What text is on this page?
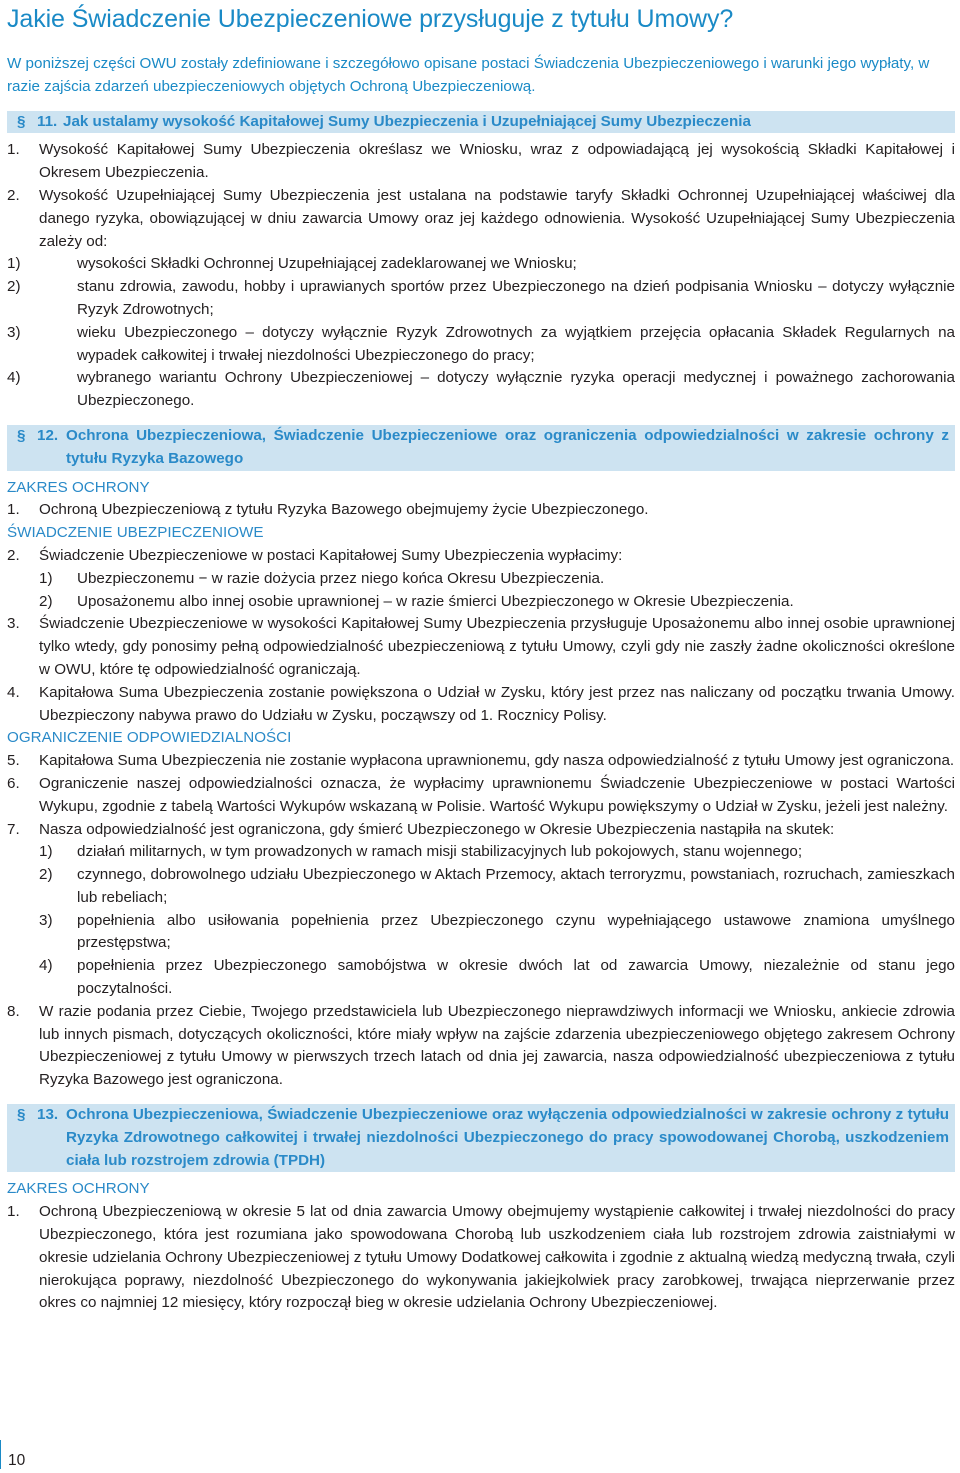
Jakie Świadczenie Ubezpieczeniowe przysługuje z tytułu Umowy?

W poniższej części OWU zostały zdefiniowane i szczegółowo opisane postaci Świadczenia Ubezpieczeniowego i warunki jego wypłaty, w razie zajścia zdarzeń ubezpieczeniowych objętych Ochroną Ubezpieczeniową.

§ 11. Jak ustalamy wysokość Kapitałowej Sumy Ubezpieczenia i Uzupełniającej Sumy Ubezpieczenia
1.	Wysokość Kapitałowej Sumy Ubezpieczenia określasz we Wniosku, wraz z odpowiadającą jej wysokością Składki Kapitałowej i Okresem Ubezpieczenia.
2.	Wysokość Uzupełniającej Sumy Ubezpieczenia jest ustalana na podstawie taryfy Składki Ochronnej Uzupełniającej właściwej dla danego ryzyka, obowiązującej w dniu zawarcia Umowy oraz jej każdego odnowienia. Wysokość Uzupełniającej Sumy Ubezpieczenia zależy od:
1)	wysokości Składki Ochronnej Uzupełniającej zadeklarowanej we Wniosku;
2)	stanu zdrowia, zawodu, hobby i uprawianych sportów przez Ubezpieczonego na dzień podpisania Wniosku – dotyczy wyłącznie Ryzyk Zdrowotnych;
3)	wieku Ubezpieczonego – dotyczy wyłącznie Ryzyk Zdrowotnych za wyjątkiem przejęcia opłacania Składek Regularnych na wypadek całkowitej i trwałej niezdolności Ubezpieczonego do pracy;
4)	wybranego wariantu Ochrony Ubezpieczeniowej – dotyczy wyłącznie ryzyka operacji medycznej i poważnego zachorowania Ubezpieczonego.
§ 12. Ochrona Ubezpieczeniowa, Świadczenie Ubezpieczeniowe oraz ograniczenia odpowiedzialności w zakresie ochrony z tytułu Ryzyka Bazowego

ZAKRES OCHRONY

1.	Ochroną Ubezpieczeniową z tytułu Ryzyka Bazowego obejmujemy życie Ubezpieczonego.

ŚWIADCZENIE UBEZPIECZENIOWE

2.	Świadczenie Ubezpieczeniowe w postaci Kapitałowej Sumy Ubezpieczenia wypłacimy:
1)	Ubezpieczonemu − w razie dożycia przez niego końca Okresu Ubezpieczenia.
2)	Uposażonemu albo innej osobie uprawnionej – w razie śmierci Ubezpieczonego w Okresie Ubezpieczenia.
3.	Świadczenie Ubezpieczeniowe w wysokości Kapitałowej Sumy Ubezpieczenia przysługuje Uposażonemu albo innej osobie uprawnionej tylko wtedy, gdy ponosimy pełną odpowiedzialność ubezpieczeniową z tytułu Umowy, czyli gdy nie zaszły żadne okoliczności określone w OWU, które tę odpowiedzialność ograniczają.
4.	Kapitałowa Suma Ubezpieczenia zostanie powiększona o Udział w Zysku, który jest przez nas naliczany od początku trwania Umowy. Ubezpieczony nabywa prawo do Udziału w Zysku, począwszy od 1. Rocznicy Polisy.

OGRANICZENIE ODPOWIEDZIALNOŚCI

5.	Kapitałowa Suma Ubezpieczenia nie zostanie wypłacona uprawnionemu, gdy nasza odpowiedzialność z tytułu Umowy jest ograniczona.
6.	Ograniczenie naszej odpowiedzialności oznacza, że wypłacimy uprawnionemu Świadczenie Ubezpieczeniowe w postaci Wartości Wykupu, zgodnie z tabelą Wartości Wykupów wskazaną w Polisie. Wartość Wykupu powiększymy o Udział w Zysku, jeżeli jest należny.
7.	Nasza odpowiedzialność jest ograniczona, gdy śmierć Ubezpieczonego w Okresie Ubezpieczenia nastąpiła na skutek:
1)	działań militarnych, w tym prowadzonych w ramach misji stabilizacyjnych lub pokojowych, stanu wojennego;
2)	czynnego, dobrowolnego udziału Ubezpieczonego w Aktach Przemocy, aktach terroryzmu, powstaniach, rozruchach, zamieszkach lub rebeliach;
3)	popełnienia albo usiłowania popełnienia przez Ubezpieczonego czynu wypełniającego ustawowe znamiona umyślnego przestępstwa;
4)	popełnienia przez Ubezpieczonego samobójstwa w okresie dwóch lat od zawarcia Umowy, niezależnie od stanu jego poczytalności.
8.	W razie podania przez Ciebie, Twojego przedstawiciela lub Ubezpieczonego nieprawdziwych informacji we Wniosku, ankiecie zdrowia lub innych pismach, dotyczących okoliczności, które miały wpływ na zajście zdarzenia ubezpieczeniowego objętego zakresem Ochrony Ubezpieczeniowej z tytułu Umowy w pierwszych trzech latach od dnia jej zawarcia, nasza odpowiedzialność ubezpieczeniowa z tytułu Ryzyka Bazowego jest ograniczona.
§ 13. Ochrona Ubezpieczeniowa, Świadczenie Ubezpieczeniowe oraz wyłączenia odpowiedzialności w zakresie ochrony z tytułu Ryzyka Zdrowotnego całkowitej i trwałej niezdolności Ubezpieczonego do pracy spowodowanej Chorobą, uszkodzeniem ciała lub rozstrojem zdrowia (TPDH)

ZAKRES OCHRONY

1.	Ochroną Ubezpieczeniową w okresie 5 lat od dnia zawarcia Umowy obejmujemy wystąpienie całkowitej i trwałej niezdolności do pracy Ubezpieczonego, która jest rozumiana jako spowodowana Chorobą lub uszkodzeniem ciała lub rozstrojem zdrowia zaistniałymi w okresie udzielania Ochrony Ubezpieczeniowej z tytułu Umowy Dodatkowej całkowita i zgodnie z aktualną wiedzą medyczną trwała, czyli nierokująca poprawy, niezdolność Ubezpieczonego do wykonywania jakiejkolwiek pracy zarobkowej, trwająca nieprzerwanie przez okres co najmniej 12 miesięcy, który rozpoczął bieg w okresie udzielania Ochrony Ubezpieczeniowej.
10
